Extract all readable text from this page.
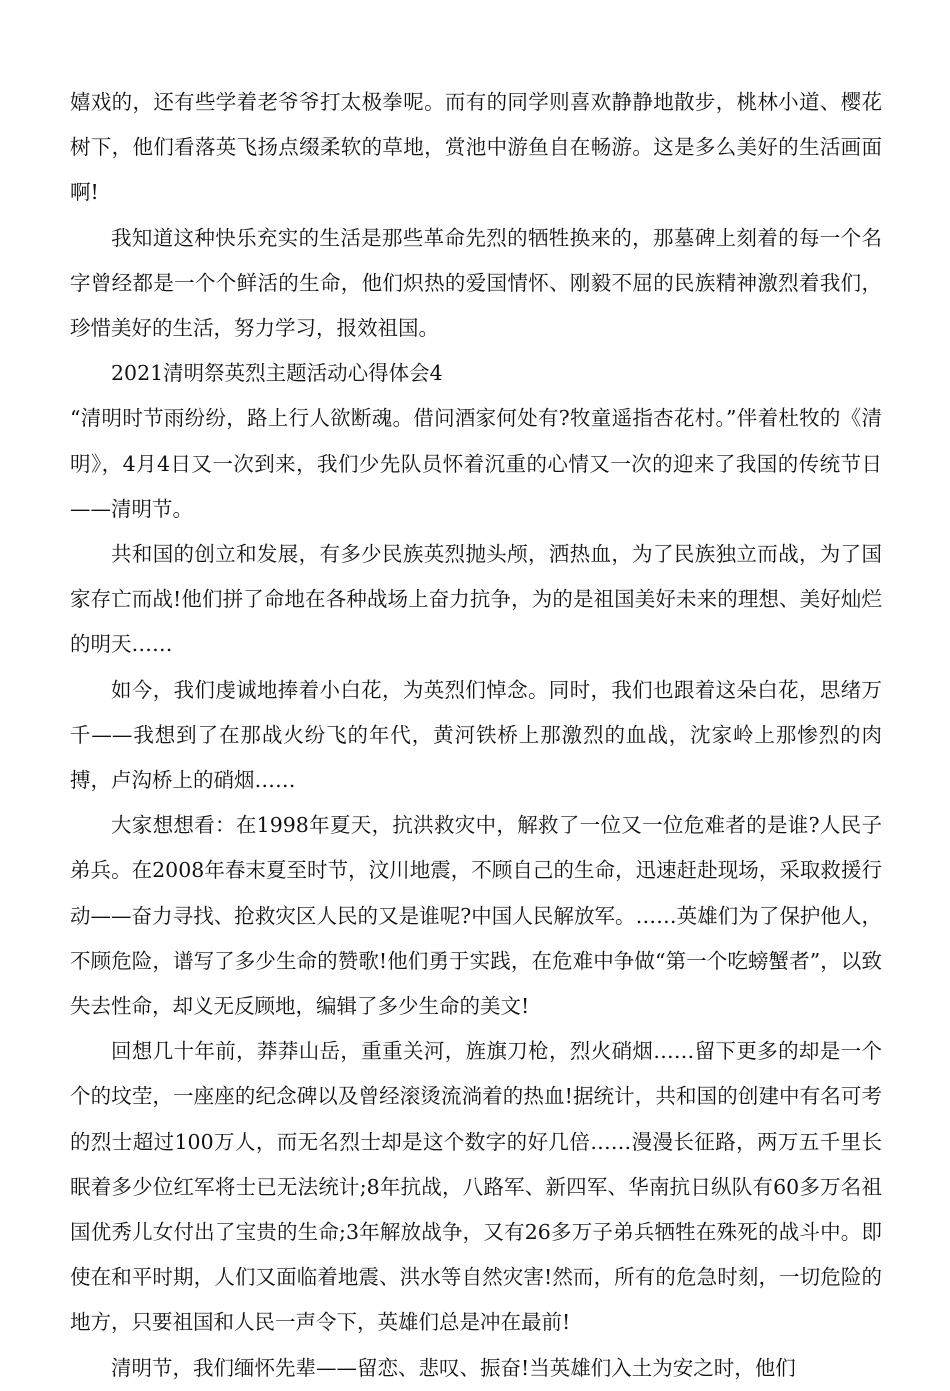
嬉戏的，还有些学着老爷爷打太极拳呢。而有的同学则喜欢静静地散步，桃林小道、樱花树下，他们看落英飞扬点缀柔软的草地，赏池中游鱼自在畅游。这是多么美好的生活画面啊!

我知道这种快乐充实的生活是那些革命先烈的牺牲换来的，那墓碑上刻着的每一个名字曾经都是一个个鲜活的生命，他们炽热的爱国情怀、刚毅不屈的民族精神激烈着我们，珍惜美好的生活，努力学习，报效祖国。

2021清明祭英烈主题活动心得体会4

“清明时节雨纷纷，路上行人欲断魂。借问酒家何处有?牧童遥指杏花村。”伴着杜牧的《清明》，4月4日又一次到来，我们少先队员怀着沉重的心情又一次的迎来了我国的传统节日——清明节。

共和国的创立和发展，有多少民族英烈抛头颅，洒热血，为了民族独立而战，为了国家存亡而战!他们拼了命地在各种战场上奋力抗争，为的是祖国美好未来的理想、美好灿烂的明天……

如今，我们虔诚地捧着小白花，为英烈们悼念。同时，我们也跟着这朵白花，思绪万千——我想到了在那战火纷飞的年代，黄河铁桥上那激烈的血战，沈家岭上那惨烈的肉搏，卢沟桥上的硝烟……

大家想想看：在1998年夏天，抗洪救灾中，解救了一位又一位危难者的是谁?人民子弟兵。在2008年春末夏至时节，汶川地震，不顾自己的生命，迅速赶赴现场，采取救援行动——奋力寻找、抢救灾区人民的又是谁呢?中国人民解放军。……英雄们为了保护他人，不顾危险，谱写了多少生命的赞歌!他们勇于实践，在危难中争做“第一个吃螃蟹者”，以致失去性命，却义无反顾地，编辑了多少生命的美文!

回想几十年前，莽莽山岳，重重关河，旌旗刀枪，烈火硝烟……留下更多的却是一个个的坟茔，一座座的纪念碑以及曾经滚烫流淌着的热血!据统计，共和国的创建中有名可考的烈士超过100万人，而无名烈士却是这个数字的好几倍……漫漫长征路，两万五千里长眠着多少位红军将士已无法统计;8年抗战，八路军、新四军、华南抗日纵队有60多万名祖国优秀儿女付出了宝贵的生命;3年解放战争，又有26多万子弟兵牺牲在殊死的战斗中。即使在和平时期，人们又面临着地震、洪水等自然灾害!然而，所有的危急时刻，一切危险的地方，只要祖国和人民一声令下，英雄们总是冲在最前!

清明节，我们缅怀先辈——留恋、悲叹、振奋!当英雄们入土为安之时，他们
